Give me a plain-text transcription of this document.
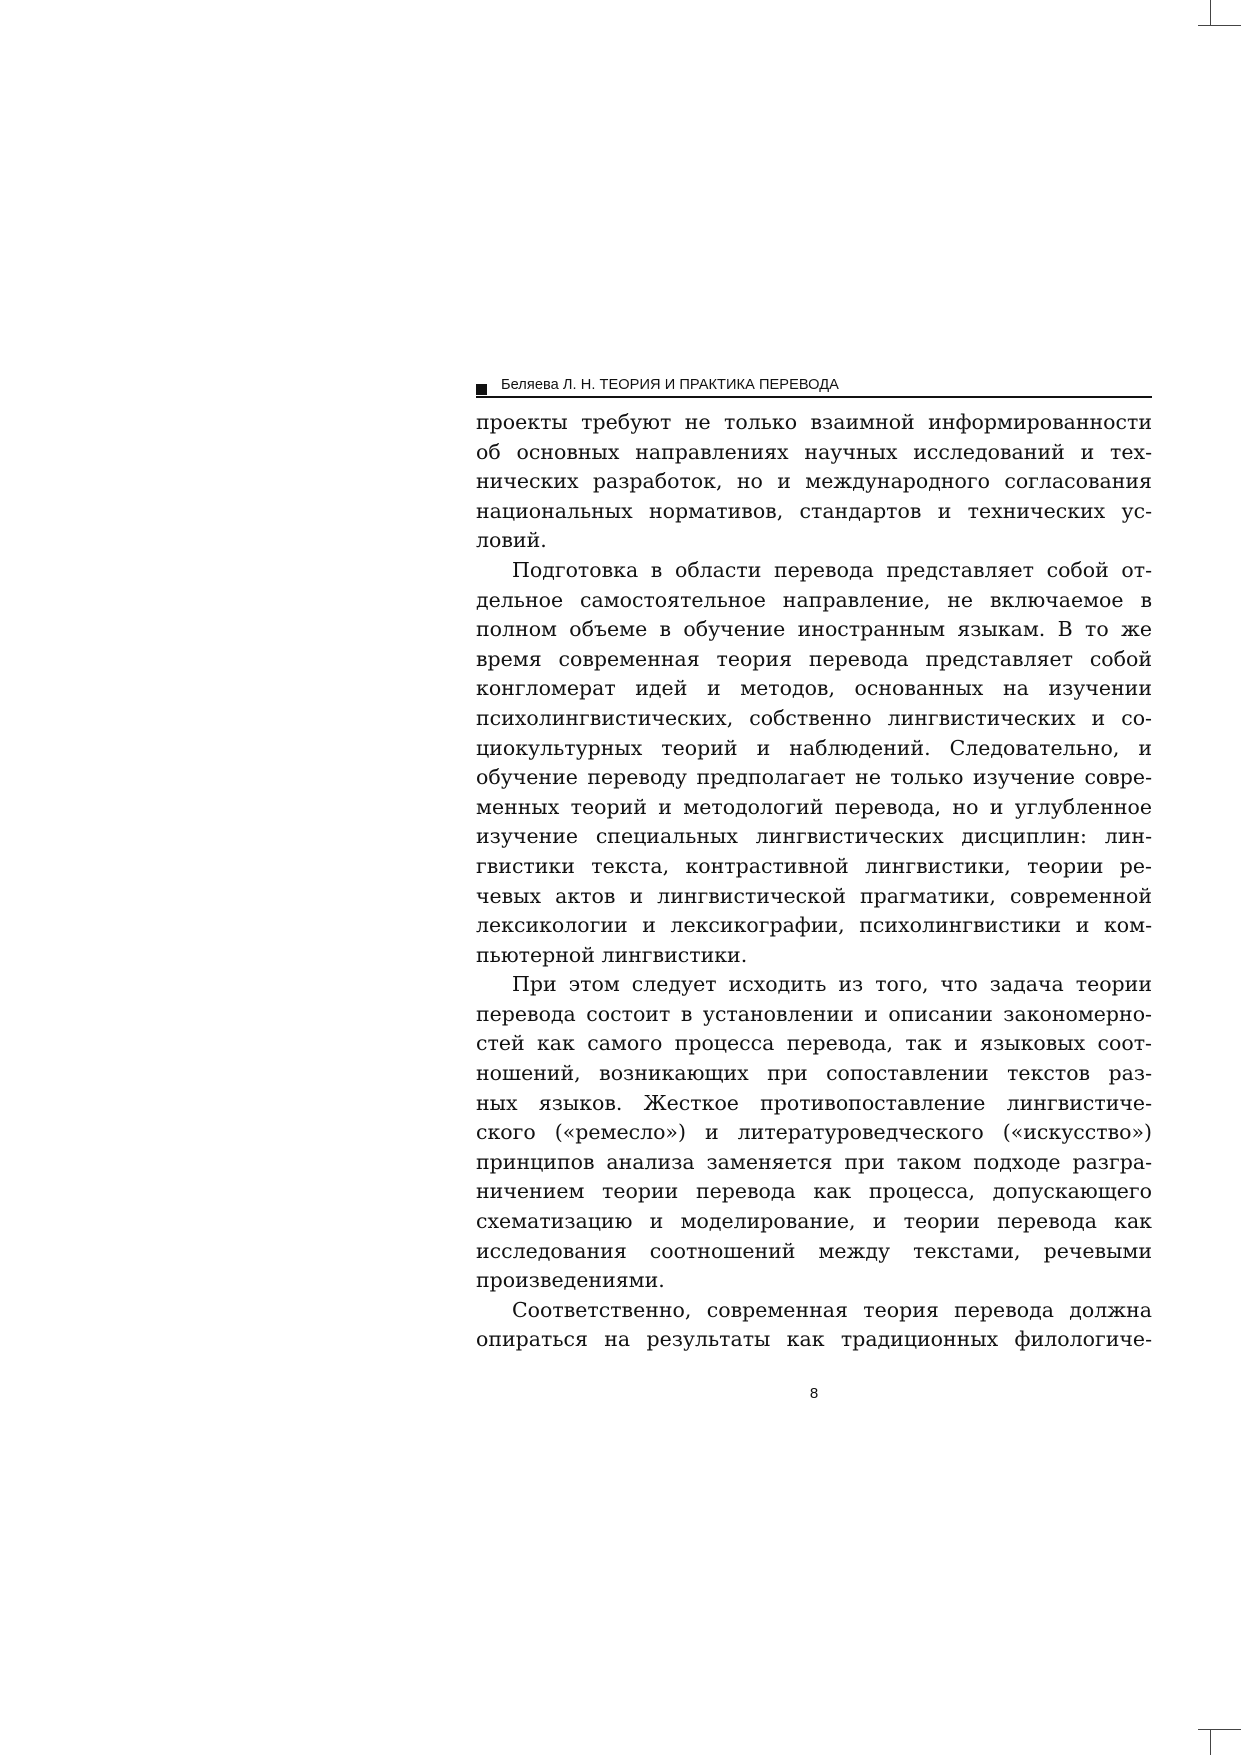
Беляева Л. Н. ТЕОРИЯ И ПРАКТИКА ПЕРЕВОДА
проекты требуют не только взаимной информированности
об основных направлениях научных исследований и тех-
нических разработок, но и международного согласования
национальных нормативов, стандартов и технических ус-
ловий.
Подготовка в области перевода представляет собой от-
дельное самостоятельное направление, не включаемое в
полном объеме в обучение иностранным языкам. В то же
время современная теория перевода представляет собой
конгломерат идей и методов, основанных на изучении
психолингвистических, собственно лингвистических и со-
циокультурных теорий и наблюдений. Следовательно, и
обучение переводу предполагает не только изучение совре-
менных теорий и методологий перевода, но и углубленное
изучение специальных лингвистических дисциплин: лин-
гвистики текста, контрастивной лингвистики, теории ре-
чевых актов и лингвистической прагматики, современной
лексикологии и лексикографии, психолингвистики и ком-
пьютерной лингвистики.
При этом следует исходить из того, что задача теории
перевода состоит в установлении и описании закономерно-
стей как самого процесса перевода, так и языковых соот-
ношений, возникающих при сопоставлении текстов раз-
ных языков. Жесткое противопоставление лингвистиче-
ского («ремесло») и литературоведческого («искусство»)
принципов анализа заменяется при таком подходе разгра-
ничением теории перевода как процесса, допускающего
схематизацию и моделирование, и теории перевода как
исследования соотношений между текстами, речевыми
произведениями.
Соответственно, современная теория перевода должна
опираться на результаты как традиционных филологиче-
8
